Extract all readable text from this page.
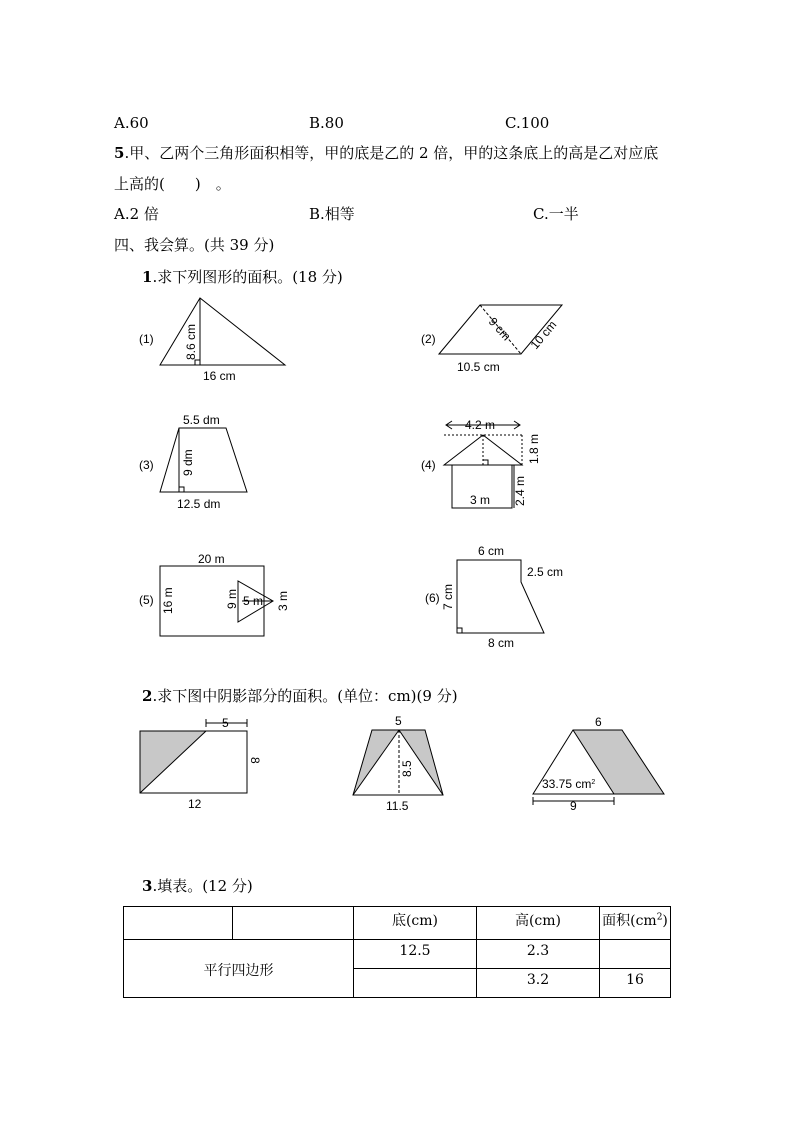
A.60	B.80	C.100
5.甲、乙两个三角形面积相等，甲的底是乙的 2 倍，甲的这条底上的高是乙对应底
上高的(　　)　。
A.2 倍	B.相等	C.一半
四、我会算。(共 39 分)
1.求下列图形的面积。(18 分)
(1)
16 cm
8.6 cm	(2)
10.5 cm
9 cm 10 cm
(3)
5.5 dm
9 dm
12.5 dm
(4)
4.2 m
1.8 m
2.4 m
3 m
(5)
20 m
16 m	9 m 5 m 3 m	(6)
6 cm
2.5 cm
7 cm
8 cm
5
8
12
5
8.5
11.5
6
33.75 $cm^2$
9
2.求下图中阴影部分的面积。(单位：cm)(9 分)
3.填表。(12 分)
		底(cm)	高(cm)	面积$(cm^2)$
平行四边形		12.5	2.3	
			3.2	16
